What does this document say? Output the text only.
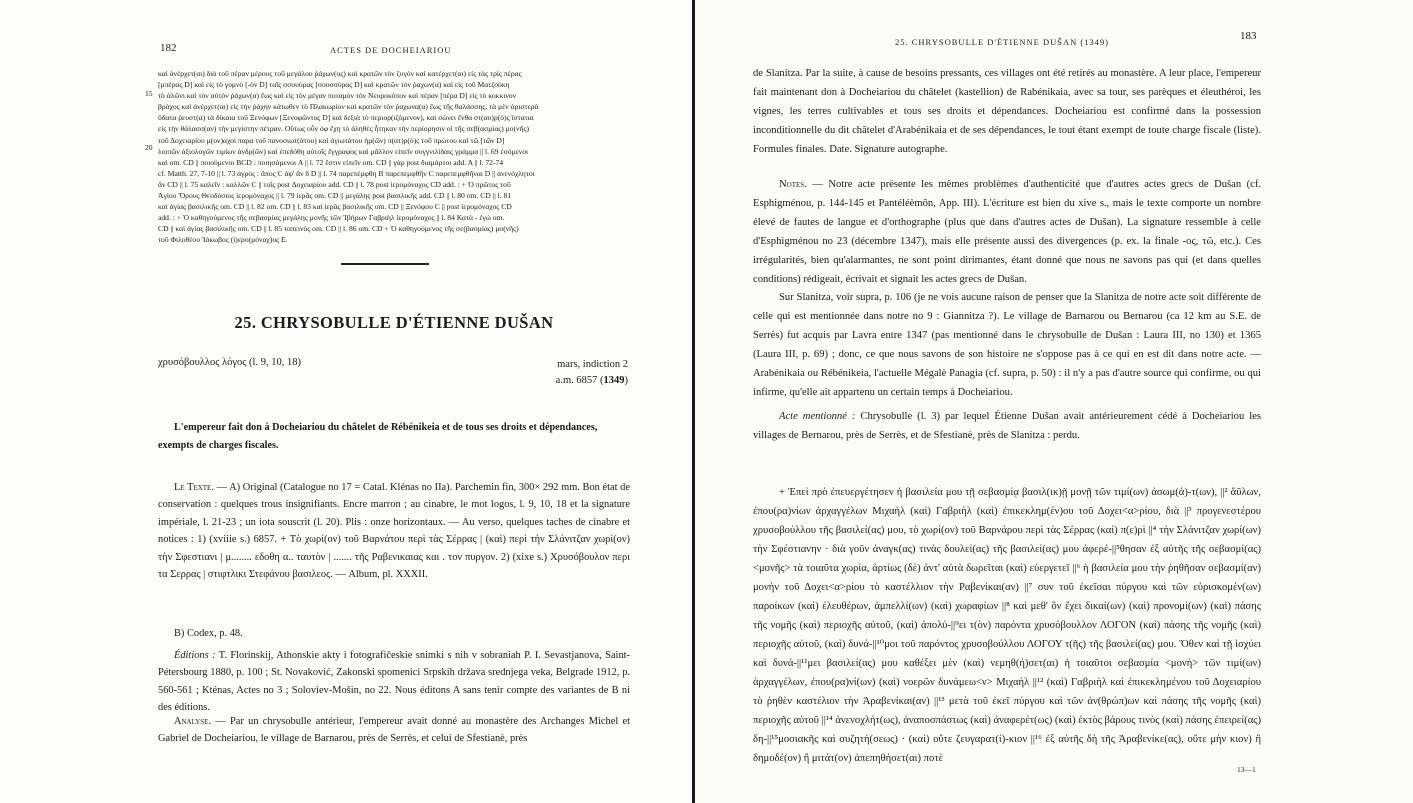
182	ACTES DE DOCHEIARIOU
15
20
καὶ ἀνέρχετ(αι) διὰ τοῦ πέραν μέρους τοῦ μεγάλου ῥάχων(ος) καὶ κρατῶν τὸν ζυγὸν καὶ κατέρχετ(αι) εἰς τὰς τρὶς πέρας
[μπέρας D] καὶ εἰς τὸ γυμνὸ [-ὸν D] ταῖς σσουύρας [σουσσύρας D] καὶ κρατῶν τὸν ῥαχων(α) καὶ εἰς τοῦ Ματζούκη
τὸ ἀλῶνι καὶ τὸν αὐτὸν ῥάχων(α) ἕως καὶ εἰς τὸν μέγαν ποταμὸν τὸν Νευροκόπον καὶ πέραν [πέρα D] εἰς τὸ κοκκινον
βράχος καὶ ἀνέρχετ(αι) εἰς τὴν ῥάχην κάτωθεν τὸ Πλακωρίον καὶ κρατῶν τὸν ῥαχωνα(α) ἕως τῆς θαλάσσης, τὰ μὲν ἀριστερὰ
ὕδατα ῥευστ(α) τὰ δίκαια τοῦ Ξενόφων [Ξενοφῶντος D] καὶ δεξιὰ τὸ περιορ(ιζόμενον), καὶ σώνει ἔνθα στ(αυ)ρ(ὸ)ς ἵσταται
εἰς τὴν θάλασσ(αν) τὴν μεγίστην πέτραν. Οὕτως οὖν ὀφ ἔχη τὸ ἀληθὲς ἦτηκαν τὴν περίορησιν οἱ τῆς σεβ(ασμίας) μο(νῆς)
τοῦ Δοχειαρίου μ(ον)αχοὶ παρα τοῦ πανοσιωτ(άτου) καὶ ἁγιωτάτου ἡμ(ῶν) π(ατ)ρ(ὸ)ς τοῦ πρώτου καὶ τῶ [τῶν D]
λοιπῶν ἀξιολογῶν τιμίων ἀνδρ(ῶν) καὶ ἐπεδόθη αὐτοῖς ἔγγραφος καὶ μᾶλλον εἰπεῖν συγγνιλίδαις γράμμα || l. 69 ἐσόμενοι
καὶ om. CD || ποιούμενοι BCD : ποιησάμενοι A || l. 72 ἔστιν εἰπεῖν om. CD || γὰρ post διαμάρτοι add. A || l. 72-74
cf. Matth. 27, 7-10 || l. 73 ἀγρὸς : ἄπος C ἀφ' ἄν δ D || l. 74 παρεπέμφθη B παρεπεμφθῆν C παρεπεμφθῆναι D || ἀνενόχλητοι
ἃν CD || l. 75 καλεῖν : καλλῶν C || τοῖς post Δοχειαρίου add. CD || l. 78 post ἱερομόναχος CD add. : + Ὁ πρῶτος τοῦ
Ἁγίου Ὄρους Θεοδόσιος ἱερομόναχος || l. 79 ἱερᾶς om. CD || μεγάλης post βασιλικῆς add. CD || l. 80 om. CD || l. 81
καὶ ἁγίας βασιλικῆς om. CD || l. 82 om. CD || l. 83 καὶ ἱερᾶς βασιλικῆς om. CD || Ξενόφου C || post ἱερομόναχος CD
add. : + Ὁ καθηγούμενος τῆς σεβασμίας μεγάλης μονῆς τῶν Ἰβήρων Γαβριὴλ ἱερομόναχος || l. 84 Κατὰ - ἐγὼ om.
CD || καὶ ἁγίας βασιλικῆς om. CD || l. 85 ταπεινὸς om. CD || l. 86 om. CD + Ὁ καθηγούμενος τῆς σε(βασμίας) μο(νῆς)
τοῦ Φιλοθέου Ἰάκωβος (ἱ)ερο(μόναχ)ος E.
25. CHRYSOBULLE D'ÉTIENNE DUŠAN
χρυσόβουλλος λόγος (l. 9, 10, 18)	mars, indiction 2
a.m. 6857 (1349)
L'empereur fait don à Docheiariou du châtelet de Rébénikeia et de tous ses droits et dépendances, exempts de charges fiscales.
Le Texte. — A) Original (Catalogue no 17 = Catal. Klénas no IIa). Parchemin fin, 300× 292 mm. Bon état de conservation : quelques trous insignifiants. Encre marron ; au cinabre, le mot logos, l. 9, 10, 18 et la signature impériale, l. 21-23 ; un iota souscrit (l. 20). Plis : onze horizontaux. — Au verso, quelques taches de cinabre et notices : 1) (xviiie s.) 6857. + Τὸ χωρί(ον) τοῦ Βαρνάτου περὶ τὰς Σέρρας | (καὶ) περὶ τὴν Σλάνιτζαν χωρί(ον) τὴν Σφεστιανι | μ........ εδοθη α.. ταυτὸν | ....... τῆς Ραβενικαιας και . τον πυργον. 2) (xixe s.) Χρυσόβουλον περι τα Σερρας | στιφτλικι Στεφάνου βασιλεος. — Album, pl. XXXII.
B) Codex, p. 48.
Éditions : T. Florinskij, Athonskie akty i fotografičeskie snimki s nih v sobraniah P. I. Sevastjanova, Saint-Pétersbourg 1880, p. 100 ; St. Novaković, Zakonski spomenici Srpskih država srednjega veka, Belgrade 1912, p. 560-561 ; Kténas, Actes no 3 ; Soloviev-Mošin, no 22. Nous éditons A sans tenir compte des variantes de B ni des éditions.
Analyse. — Par un chrysobulle antérieur, l'empereur avait donné au monastère des Archanges Michel et Gabriel de Docheiariou, le village de Barnarou, près de Serrès, et celui de Sfestianè, près
25. CHRYSOBULLE D'ÉTIENNE DUŠAN (1349)	183
de Slanitza. Par la suite, à cause de besoins pressants, ces villages ont été retirés au monastère. A leur place, l'empereur fait maintenant don à Docheiariou du châtelet (kastellion) de Rabénikaia, avec sa tour, ses parèques et éleuthéroi, les vignes, les terres cultivables et tous ses droits et dépendances. Docheiariou est confirmé dans la possession inconditionnelle du dit châtelet d'Arabénikaia et de ses dépendances, le tout étant exempt de toute charge fiscale (liste). Formules finales. Date. Signature autographe.
Notes. — Notre acte présente les mêmes problèmes d'authenticité que d'autres actes grecs de Dušan (cf. Esphigménou, p. 144-145 et Pantéléèmôn, App. III). L'écriture est bien du xive s., mais le texte comporte un nombre élevé de fautes de langue et d'orthographe (plus que dans d'autres actes de Dušan). La signature ressemble à celle d'Esphigménou no 23 (décembre 1347), mais elle présente aussi des divergences (p. ex. la finale -ος, τῶ, etc.). Ces irrégularités, bien qu'alarmantes, ne sont point dirimantes, étant donné que nous ne savons pas qui (et dans quelles conditions) rédigeait, écrivait et signait les actes grecs de Dušan.
Sur Slanitza, voir supra, p. 106 (je ne vois aucune raison de penser que la Slanitza de notre acte soit différente de celle qui est mentionnée dans notre no 9 : Giannitza ?). Le village de Barnarou ou Bernarou (ca 12 km au S.E. de Serrès) fut acquis par Lavra entre 1347 (pas mentionné dans le chrysobulle de Dušan : Laura III, no 130) et 1365 (Laura III, p. 69) ; donc, ce que nous savons de son histoire ne s'oppose pas à ce qui en est dit dans notre acte. — Arabénikaia ou Rébénikeia, l'actuelle Mégalè Panagia (cf. supra, p. 50) : il n'y a pas d'autre source qui confirme, ou qui infirme, qu'elle ait appartenu un certain temps à Docheiariou.
Acte mentionné : Chrysobulle (l. 3) par lequel Étienne Dušan avait antérieurement cédé à Docheiariou les villages de Bernarou, près de Serrès, et de Sfestianè, près de Slanitza : perdu.
+ Ἐπεὶ πρὸ ἐπευεργέτησεν ἡ βασιλεία μου τῇ σεβασμίᾳ βασιλ(ικ)ῇ μονῇ τῶν τιμί(ων) ἀσωμ(ά)-τ(ων), ||² ἄῦλων, ἐπου(ρα)νίων ἀρχαγγέλων Μιχαὴλ (καὶ) Γαβριὴλ (καὶ) ἐπικεκλημ(έν)ου τοῦ Δοχει<α>ρίου, διὰ ||³ προγενεστέρου χρυσοβούλλου τῆς βασιλεί(ας) μου, τὸ χωρί(ον) τοῦ Βαρνάρου περὶ τὰς Σέρρας (καὶ) π(ε)ρὶ ||⁴ τὴν Σλάνιτζαν χωρί(ων) τὴν Σφέστιανην · διὰ γοῦν ἀναγκ(ας) τινὰς δουλεί(ας) τῆς βασιλεί(ας) μου ἀφερέ-||⁵θησαν ἐξ αὐτῆς τῆς σεβασμί(ας) <μονῆς> τὰ τοιαῦτα χωρία, ἀρτίως (δὲ) ἀντ' αὐτὰ δωρεῖται (καὶ) εὐεργετεῖ ||⁶ ἡ βασιλεία μου τὴν ῥηθῆσαν σεβασμί(αν) μονὴν τοῦ Δοχει<α>ρίου τὸ καστέλλιον τὴν Ραβενίκαι(αν) ||⁷ συν τοῦ ἐκεῖσαι πύργου καὶ τῶν εὑρισκομέν(ων) παροίκων (καὶ) ἐλευθέρων, ἀμπελλί(ων) (καὶ) χωραφίων ||⁸ καὶ μεθ' ὃν ἔχει δικαί(ων) (καὶ) προνομί(ων) (καὶ) πάσης τῆς νομῆς (καὶ) περιοχῆς αὐτοῦ, (καὶ) ἀπολύ-||⁹ει τ(ὸν) παρόντα χρυσόβουλλον ΛΟΓΟΝ (καὶ) πάσης τῆς νομῆς (καὶ) περιοχῆς αὐτοῦ, (καὶ) δυνά-||¹⁰μοι τοῦ παρόντος χρυσοβούλλου ΛΟΓΟΥ τ(ῆς) τῆς βασιλεί(ας) μου. Ὅθεν καὶ τῇ ἰσχύει καὶ δυνά-||¹¹μει βασιλεί(ας) μου καθέξει μὲν (καὶ) νεμηθ(ή)σετ(αι) ἡ τοιαῦτοι σεβασμία <μονὴ> τῶν τιμί(ων) ἀρχαγγέλων, ἐπου(ρα)νί(ων) (καὶ) νοερῶν δυνάμεω<ν> Μιχαὴλ ||¹² (καὶ) Γαβριὴλ καὶ ἐπικεκλημένου τοῦ Δοχειαρίου τὸ ῥηθὲν καστέλιον τὴν Ἀραβενίκαι(αν) ||¹³ μετὰ τοῦ ἐκεῖ πύργου καὶ τῶν ἀν(θρώπ)ων καὶ πάσης τῆς νομῆς (καὶ) περιοχῆς αὐτοῦ ||¹⁴ ἀνενοχλήτ(ως), ἀναποσπάστως (καὶ) ἀναφερέτ(ως) (καὶ) ἐκτὸς βάρους τινὸς (καὶ) πάσης ἐπειρεί(ας) δη-||¹⁵μοσιακῆς καὶ συζητή(σεως) · (καὶ) οὔτε ζευγαρατ(ί)-κιον ||¹⁶ ἐξ αὐτῆς δὴ τῆς Ἀραβενίκε(ας), οὔτε μὴν κιον) ἢ δημοδέ(ον) ἢ μιτάτ(ον) ἀπεπηθήσετ(αι) ποτὲ
13—1
